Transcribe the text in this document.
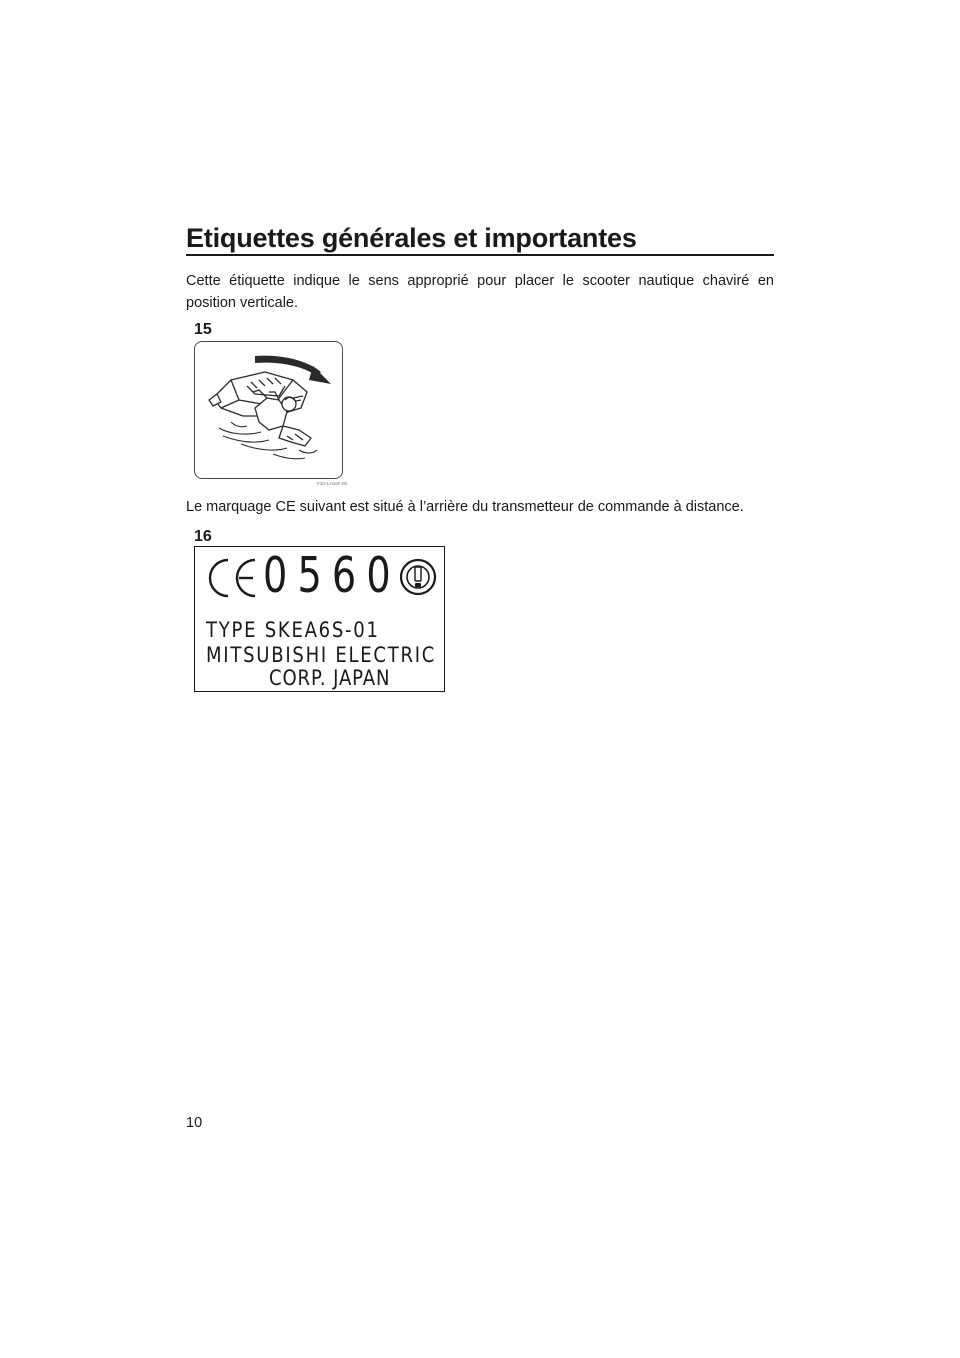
Etiquettes générales et importantes

Cette étiquette indique le sens approprié pour placer le scooter nautique chaviré en position verticale.

15
F1D-LH16F-00

Le marquage CE suivant est situé à l’arrière du transmetteur de commande à distance.

16
0560
TYPE SKEA6S-01
MITSUBISHI ELECTRIC
CORP. JAPAN
10
